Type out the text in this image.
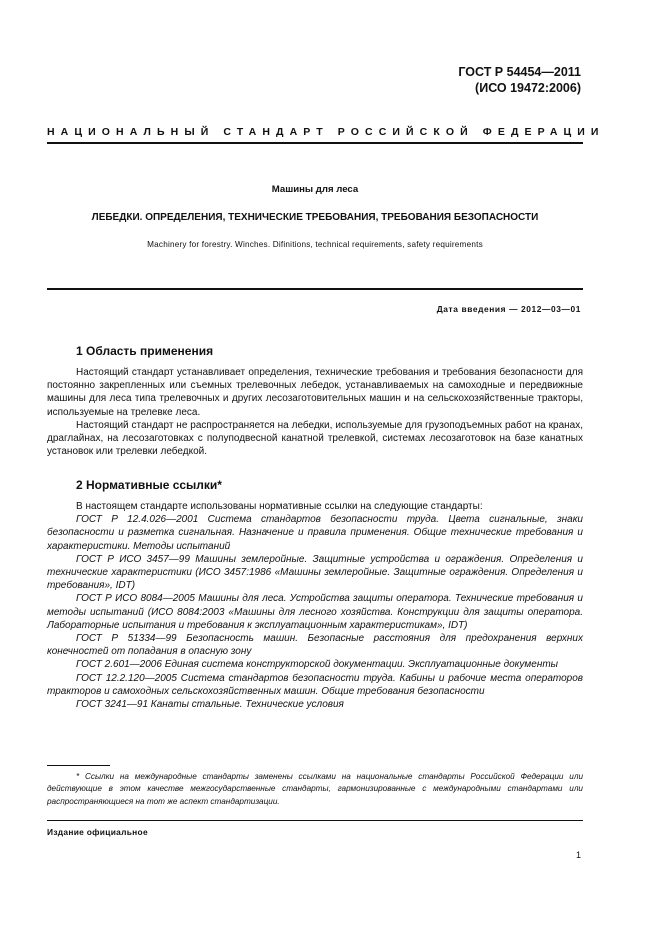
ГОСТ Р 54454—2011
(ИСО 19472:2006)
НАЦИОНАЛЬНЫЙ СТАНДАРТ РОССИЙСКОЙ ФЕДЕРАЦИИ
Машины для леса
ЛЕБЕДКИ. ОПРЕДЕЛЕНИЯ, ТЕХНИЧЕСКИЕ ТРЕБОВАНИЯ, ТРЕБОВАНИЯ БЕЗОПАСНОСТИ
Machinery for forestry. Winches. Difinitions, technical requirements, safety requirements
Дата введения — 2012—03—01
1 Область применения

Настоящий стандарт устанавливает определения, технические требования и требования безопасности для постоянно закрепленных или съемных трелевочных лебедок, устанавливаемых на самоходные и передвижные машины для леса типа трелевочных и других лесозаготовительных машин и на сельскохозяйственные тракторы, используемые на трелевке леса.

Настоящий стандарт не распространяется на лебедки, используемые для грузоподъемных работ на кранах, драглайнах, на лесозаготовках с полуподвесной канатной трелевкой, системах лесозаготовок на базе канатных установок или трелевки лебедкой.

2 Нормативные ссылки*

В настоящем стандарте использованы нормативные ссылки на следующие стандарты:

ГОСТ Р 12.4.026—2001 Система стандартов безопасности труда. Цвета сигнальные, знаки безопасности и разметка сигнальная. Назначение и правила применения. Общие технические требования и характеристики. Методы испытаний

ГОСТ Р ИСО 3457—99 Машины землеройные. Защитные устройства и ограждения. Определения и технические характеристики (ИСО 3457:1986 «Машины землеройные. Защитные ограждения. Определения и требования», IDT)

ГОСТ Р ИСО 8084—2005 Машины для леса. Устройства защиты оператора. Технические требования и методы испытаний (ИСО 8084:2003 «Машины для лесного хозяйства. Конструкции для защиты оператора. Лабораторные испытания и требования к эксплуатационным характеристикам», IDT)

ГОСТ Р 51334—99 Безопасность машин. Безопасные расстояния для предохранения верхних конечностей от попадания в опасную зону

ГОСТ 2.601—2006 Единая система конструкторской документации. Эксплуатационные документы

ГОСТ 12.2.120—2005 Система стандартов безопасности труда. Кабины и рабочие места операторов тракторов и самоходных сельскохозяйственных машин. Общие требования безопасности

ГОСТ 3241—91 Канаты стальные. Технические условия

* Ссылки на международные стандарты заменены ссылками на национальные стандарты Российской Федерации или действующие в этом качестве межгосударственные стандарты, гармонизированные с международными стандартами или распространяющиеся на тот же аспект стандартизации.

Издание официальное
1
